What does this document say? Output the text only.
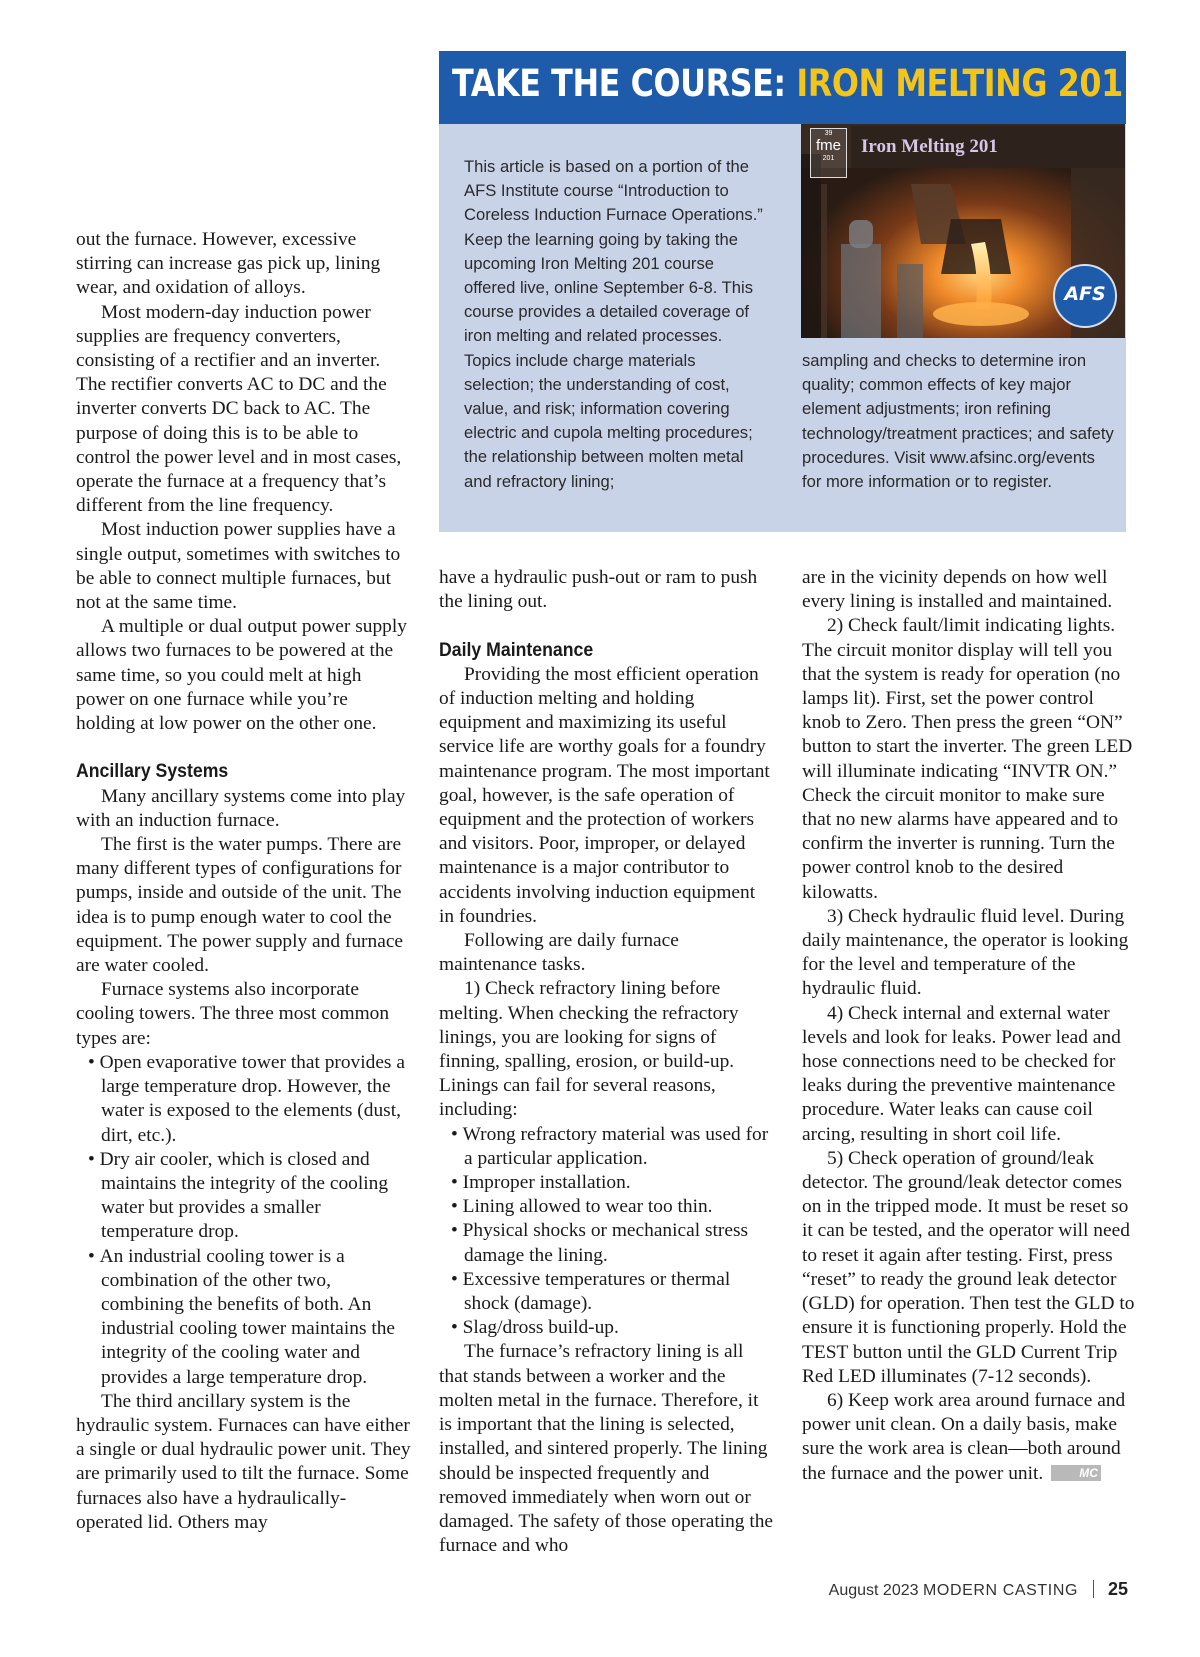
TAKE THE COURSE: IRON MELTING 201

This article is based on a portion of the AFS Institute course “Introduction to Coreless Induction Furnace Operations.” Keep the learning going by taking the upcoming Iron Melting 201 course offered live, online September 6-8. This course provides a detailed coverage of iron melting and related processes. Topics include charge materials selection; the understanding of cost, value, and risk; information covering electric and cupola melting procedures; the relationship between molten metal and refractory lining;

sampling and checks to determine iron quality; common effects of key major element adjustments; iron refining technology/treatment practices; and safety procedures. Visit www.afsinc.org/events for more information or to register.

39
fme
201
Iron Melting 201
AFS

out the furnace. However, excessive stirring can increase gas pick up, lining wear, and oxidation of alloys.

Most modern-day induction power supplies are frequency converters, consisting of a rectifier and an inverter. The rectifier converts AC to DC and the inverter converts DC back to AC. The purpose of doing this is to be able to control the power level and in most cases, operate the furnace at a frequency that’s different from the line frequency.

Most induction power supplies have a single output, sometimes with switches to be able to connect multiple furnaces, but not at the same time.

A multiple or dual output power supply allows two furnaces to be powered at the same time, so you could melt at high power on one furnace while you’re holding at low power on the other one.

Ancillary Systems

Many ancillary systems come into play with an induction furnace.

The first is the water pumps. There are many different types of configurations for pumps, inside and outside of the unit. The idea is to pump enough water to cool the equipment. The power supply and furnace are water cooled.

Furnace systems also incorporate cooling towers. The three most common types are:

• Open evaporative tower that provides a large temperature drop. However, the water is exposed to the elements (dust, dirt, etc.).

• Dry air cooler, which is closed and maintains the integrity of the cooling water but provides a smaller temperature drop.

• An industrial cooling tower is a combination of the other two, combining the benefits of both. An industrial cooling tower maintains the integrity of the cooling water and provides a large temperature drop.

The third ancillary system is the hydraulic system. Furnaces can have either a single or dual hydraulic power unit. They are primarily used to tilt the furnace. Some furnaces also have a hydraulically-operated lid. Others may

have a hydraulic push-out or ram to push the lining out.

Daily Maintenance

Providing the most efficient operation of induction melting and holding equipment and maximizing its useful service life are worthy goals for a foundry maintenance program. The most important goal, however, is the safe operation of equipment and the protection of workers and visitors. Poor, improper, or delayed maintenance is a major contributor to accidents involving induction equipment in foundries.

Following are daily furnace maintenance tasks.

1) Check refractory lining before melting. When checking the refractory linings, you are looking for signs of finning, spalling, erosion, or build-up. Linings can fail for several reasons, including:

• Wrong refractory material was used for a particular application.

• Improper installation.

• Lining allowed to wear too thin.

• Physical shocks or mechanical stress damage the lining.

• Excessive temperatures or thermal shock (damage).

• Slag/dross build-up.

The furnace’s refractory lining is all that stands between a worker and the molten metal in the furnace. Therefore, it is important that the lining is selected, installed, and sintered properly. The lining should be inspected frequently and removed immediately when worn out or damaged. The safety of those operating the furnace and who

are in the vicinity depends on how well every lining is installed and maintained.

2) Check fault/limit indicating lights. The circuit monitor display will tell you that the system is ready for operation (no lamps lit). First, set the power control knob to Zero. Then press the green “ON” button to start the inverter. The green LED will illuminate indicating “INVTR ON.” Check the circuit monitor to make sure that no new alarms have appeared and to confirm the inverter is running. Turn the power control knob to the desired kilowatts.

3) Check hydraulic fluid level. During daily maintenance, the operator is looking for the level and temperature of the hydraulic fluid.

4) Check internal and external water levels and look for leaks. Power lead and hose connections need to be checked for leaks during the preventive maintenance procedure. Water leaks can cause coil arcing, resulting in short coil life.

5) Check operation of ground/leak detector. The ground/leak detector comes on in the tripped mode. It must be reset so it can be tested, and the operator will need to reset it again after testing. First, press “reset” to ready the ground leak detector (GLD) for operation. Then test the GLD to ensure it is functioning properly. Hold the TEST button until the GLD Current Trip Red LED illuminates (7-12 seconds).

6) Keep work area around furnace and power unit clean. On a daily basis, make sure the work area is clean—both around the furnace and the power unit.	MC

August 2023 MODERN CASTING 25
